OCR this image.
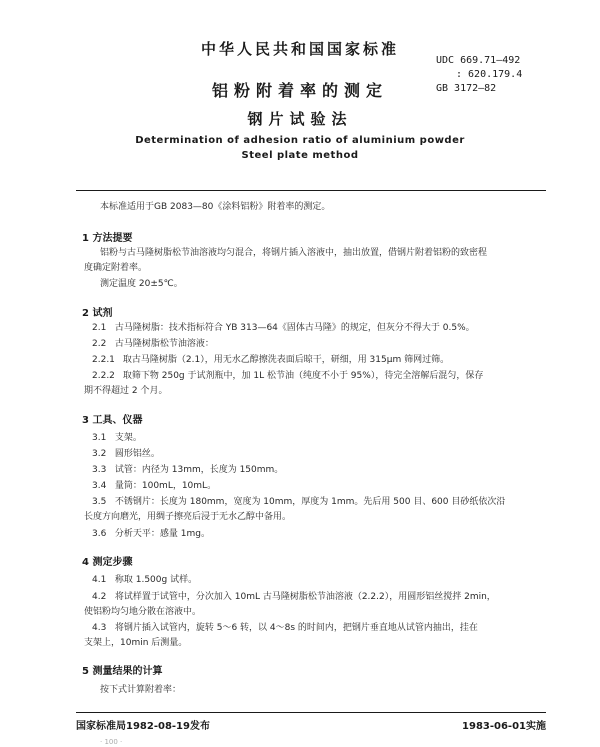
中华人民共和国国家标准
UDC 669.71—492
: 620.179.4
GB 3172—82
铝粉附着率的测定
钢片试验法
Determination of adhesion ratio of aluminium powder
Steel plate method
本标准适用于GB 2083—80《涂料铝粉》附着率的测定。
1 方法提要
铝粉与古马隆树脂松节油溶液均匀混合，将钢片插入溶液中，抽出放置，借钢片附着铝粉的致密程
度确定附着率。
测定温度 20±5℃。
2 试剂
2.1 古马隆树脂：技术指标符合 YB 313—64《固体古马隆》的规定，但灰分不得大于 0.5%。
2.2 古马隆树脂松节油溶液：
2.2.1 取古马隆树脂（2.1），用无水乙醇擦洗表面后晾干，研细，用 315μm 筛网过筛。
2.2.2 取筛下物 250g 于试剂瓶中，加 1L 松节油（纯度不小于 95%），待完全溶解后混匀，保存
期不得超过 2 个月。
3 工具、仪器
3.1 支架。
3.2 圆形铝丝。
3.3 试管：内径为 13mm，长度为 150mm。
3.4 量筒：100mL，10mL。
3.5 不锈钢片：长度为 180mm，宽度为 10mm，厚度为 1mm。先后用 500 目、600 目砂纸依次沿
长度方向磨光，用绸子擦亮后浸于无水乙醇中备用。
3.6 分析天平：感量 1mg。
4 测定步骤
4.1 称取 1.500g 试样。
4.2 将试样置于试管中，分次加入 10mL 古马隆树脂松节油溶液（2.2.2），用圆形铝丝搅拌 2min，
使铝粉均匀地分散在溶液中。
4.3 将钢片插入试管内，旋转 5～6 转，以 4～8s 的时间内，把钢片垂直地从试管内抽出，挂在
支架上，10min 后测量。
5 测量结果的计算
按下式计算附着率：
国家标准局1982-08-19发布	1983-06-01实施
· 100 ·
